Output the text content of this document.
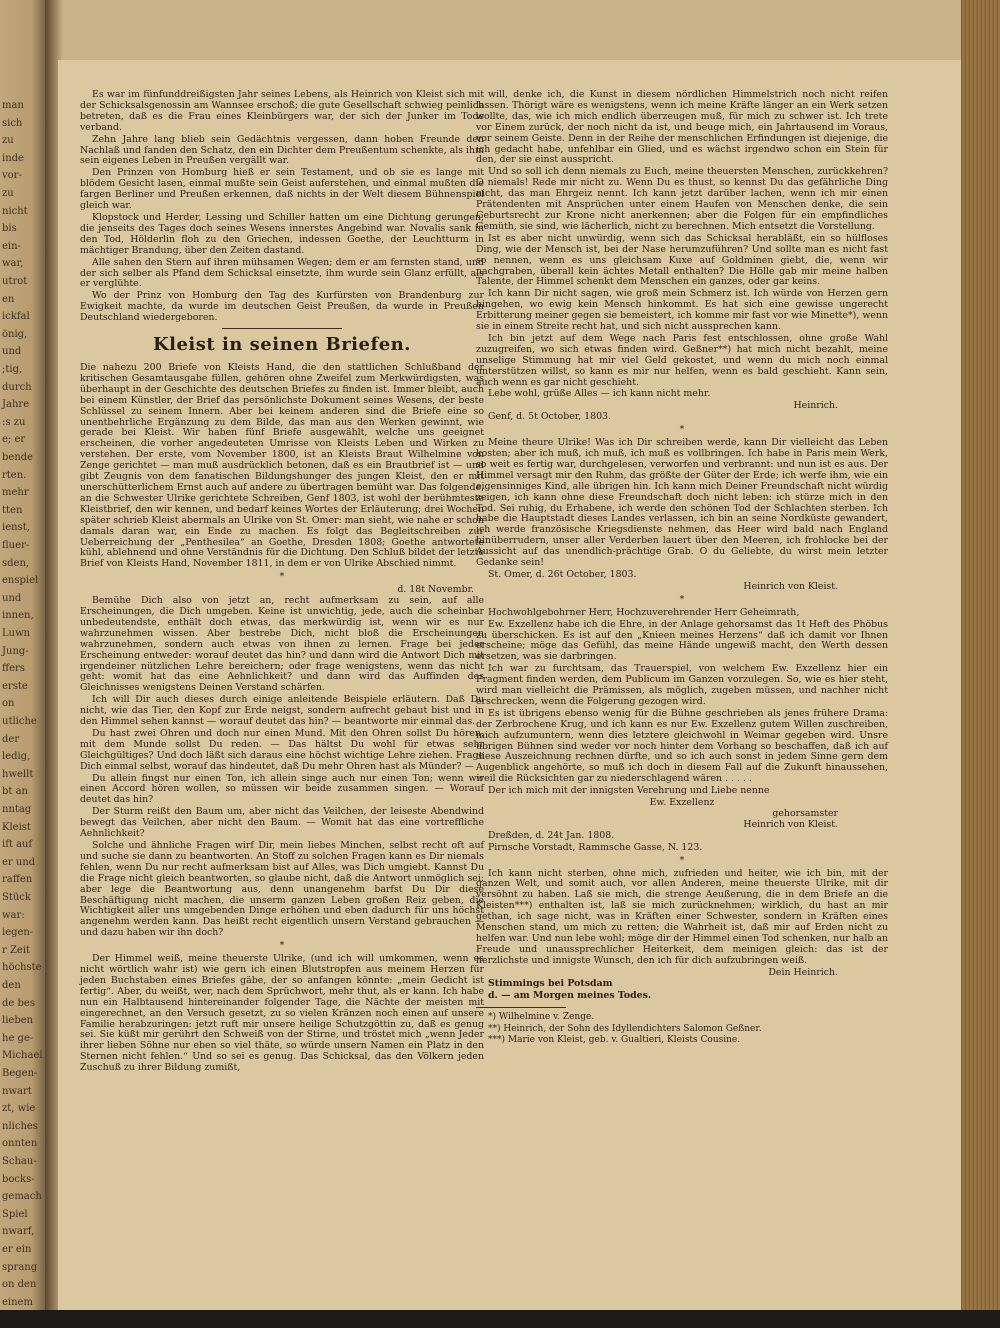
man
sich
zu
inde
vor-
zu
nicht
bis
ein-
war,
utrot
en
ickfal
önig,
und
;tig,
durch
Jahre
:s zu
e; er
bende
rten.
mehr
tten
ienst,
fluer-
sden,
enspiel
und
innen,
Luwn
Jung-
ffers
erste
on
utliche
der
ledig,
hwellt
bt an
nntag
Kleist
ift auf
er und
raffen
Stück
war:
iegen-
r Zeit
höchste
den
de bes
lieben
he ge-
Michael
Begen-
nwart
zt, wie
nliches
onnten
Schau-
bocks-
gemach
Spiel
nwarf,
er ein
sprang
on den
einem

Es war im fünfunddreißigsten Jahr seines Lebens, als Heinrich von Kleist sich mit der Schicksalsgenossin am Wannsee erschoß; die gute Gesellschaft schwieg peinlich betreten, daß es die Frau eines Kleinbürgers war, der sich der Junker im Tode verband.

Zehn Jahre lang blieb sein Gedächtnis vergessen, dann hoben Freunde den Nachlaß und fanden den Schatz, den ein Dichter dem Preußentum schenkte, als ihm sein eigenes Leben in Preußen vergällt war.

Den Prinzen von Homburg hieß er sein Testament, und ob sie es lange mit blödem Gesicht lasen, einmal mußte sein Geist auferstehen, und einmal mußten die fargen Berliner und Preußen erkennen, daß nichts in der Welt diesem Bühnenspiel gleich war.

Klopstock und Herder, Lessing und Schiller hatten um eine Dichtung gerungen, die jenseits des Tages doch seines Wesens innerstes Angebind war. Novalis sank in den Tod, Hölderlin floh zu den Griechen, indessen Goethe, der Leuchtturm in mächtiger Brandung, über den Zeiten dastand.

Alle sahen den Stern auf ihren mühsamen Wegen; dem er am fernsten stand, und der sich selber als Pfand dem Schicksal einsetzte, ihm wurde sein Glanz erfüllt, als er verglühte.

Wo der Prinz von Homburg den Tag des Kurfürsten von Brandenburg zur Ewigkeit machte, da wurde im deutschen Geist Preußen, da wurde in Preußen Deutschland wiedergeboren.

Kleist in seinen Briefen.

Die nahezu 200 Briefe von Kleists Hand, die den stattlichen Schlußband der kritischen Gesamtausgabe füllen, gehören ohne Zweifel zum Merkwürdigsten, was überhaupt in der Geschichte des deutschen Briefes zu finden ist. Immer bleibt, auch bei einem Künstler, der Brief das persönlichste Dokument seines Wesens, der beste Schlüssel zu seinem Innern. Aber bei keinem anderen sind die Briefe eine so unentbehrliche Ergänzung zu dem Bilde, das man aus den Werken gewinnt, wie gerade bei Kleist. Wir haben fünf Briefe ausgewählt, welche uns geeignet erscheinen, die vorher angedeuteten Umrisse von Kleists Leben und Wirken zu verstehen. Der erste, vom November 1800, ist an Kleists Braut Wilhelmine von Zenge gerichtet — man muß ausdrücklich betonen, daß es ein Brautbrief ist — und gibt Zeugnis von dem fanatischen Bildungshunger des jungen Kleist, den er mit unerschütterlichem Ernst auch auf andere zu übertragen bemüht war. Das folgende, an die Schwester Ulrike gerichtete Schreiben, Genf 1803, ist wohl der berühmteste Kleistbrief, den wir kennen, und bedarf keines Wortes der Erläuterung; drei Wochen später schrieb Kleist abermals an Ulrike von St. Omer: man sieht, wie nahe er schon damals daran war, ein Ende zu machen. Es folgt das Begleitschreiben zur Ueberreichung der „Penthesilea“ an Goethe, Dresden 1808; Goethe antwortete kühl, ablehnend und ohne Verständnis für die Dichtung. Den Schluß bildet der letzte Brief von Kleists Hand, November 1811, in dem er von Ulrike Abschied nimmt.

*
d. 18t Novembr.

Bemühe Dich also von jetzt an, recht aufmerksam zu sein, auf alle Erscheinungen, die Dich umgeben. Keine ist unwichtig, jede, auch die scheinbar unbedeutendste, enthält doch etwas, das merkwürdig ist, wenn wir es nur wahrzunehmen wissen. Aber bestrebe Dich, nicht bloß die Erscheinungen wahrzunehmen, sondern auch etwas von ihnen zu lernen. Frage bei jeder Erscheinung entweder: worauf deutet das hin? und dann wird die Antwort Dich mit irgendeiner nützlichen Lehre bereichern; oder frage wenigstens, wenn das nicht geht: womit hat das eine Aehnlichkeit? und dann wird das Auffinden des Gleichnisses wenigstens Deinen Verstand schärfen.

Ich will Dir auch dieses durch einige anleitende Beispiele erläutern. Daß Du nicht, wie das Tier, den Kopf zur Erde neigst, sondern aufrecht gebaut bist und in den Himmel sehen kannst — worauf deutet das hin? — beantworte mir einmal das.

Du hast zwei Ohren und doch nur einen Mund. Mit den Ohren sollst Du hören, mit dem Munde sollst Du reden. — Das hältst Du wohl für etwas sehr Gleichgültiges? Und doch läßt sich daraus eine höchst wichtige Lehre ziehen. Frage Dich einmal selbst, worauf das hindeutet, daß Du mehr Ohren hast als Münder? —

Du allein fingst nur einen Ton, ich allein singe auch nur einen Ton; wenn wir einen Accord hören wollen, so müssen wir beide zusammen singen. — Worauf deutet das hin?

Der Sturm reißt den Baum um, aber nicht das Veilchen, der leiseste Abendwind bewegt das Veilchen, aber nicht den Baum. — Womit hat das eine vortreffliche Aehnlichkeit?

Solche und ähnliche Fragen wirf Dir, mein liebes Minchen, selbst recht oft auf und suche sie dann zu beantworten. An Stoff zu solchen Fragen kann es Dir niemals fehlen, wenn Du nur recht aufmerksam bist auf Alles, was Dich umgiebt. Kannst Du die Frage nicht gleich beantworten, so glaube nicht, daß die Antwort unmöglich sei; aber lege die Beantwortung aus, denn unangenehm barfst Du Dir diese Beschäftigung nicht machen, die unserm ganzen Leben großen Reiz geben, die Wichtigkeit aller uns umgebenden Dinge erhöhen und eben dadurch für uns höchst angenehm werden kann. Das heißt recht eigentlich unsern Verstand gebrauchen — und dazu haben wir ihn doch?

*

Der Himmel weiß, meine theuerste Ulrike, (und ich will umkommen, wenn es nicht wörtlich wahr ist) wie gern ich einen Blutstropfen aus meinem Herzen für jeden Buchstaben eines Briefes gäbe, der so anfangen könnte: „mein Gedicht ist fertig“. Aber, du weißt, wer, nach dem Sprüchwort, mehr thut, als er kann. Ich habe nun ein Halbtausend hintereinander folgender Tage, die Nächte der meisten mit eingerechnet, an den Versuch gesetzt, zu so vielen Kränzen noch einen auf unsere Familie herabzuringen: jetzt ruft mir unsere heilige Schutzgöttin zu, daß es genug sei. Sie küßt mir gerührt den Schweiß von der Stirne, und tröstet mich „wenn Jeder ihrer lieben Söhne nur eben so viel thäte, so würde unsern Namen ein Platz in den Sternen nicht fehlen.“ Und so sei es genug. Das Schicksal, das den Völkern jeden Zuschuß zu ihrer Bildung zumißt,

will, denke ich, die Kunst in diesem nördlichen Himmelstrich noch nicht reifen lassen. Thörigt wäre es wenigstens, wenn ich meine Kräfte länger an ein Werk setzen wollte, das, wie ich mich endlich überzeugen muß, für mich zu schwer ist. Ich trete vor Einem zurück, der noch nicht da ist, und beuge mich, ein Jahrtausend im Voraus, vor seinem Geiste. Denn in der Reihe der menschlichen Erfindungen ist diejenige, die ich gedacht habe, unfehlbar ein Glied, und es wächst irgendwo schon ein Stein für den, der sie einst ausspricht.

Und so soll ich denn niemals zu Euch, meine theuersten Menschen, zurückkehren? O niemals! Rede mir nicht zu. Wenn Du es thust, so kennst Du das gefährliche Ding nicht, das man Ehrgeiz nennt. Ich kann jetzt darüber lachen, wenn ich mir einen Prätendenten mit Ansprüchen unter einem Haufen von Menschen denke, die sein Geburtsrecht zur Krone nicht anerkennen; aber die Folgen für ein empfindliches Gemüth, sie sind, wie lächerlich, nicht zu berechnen. Mich entsetzt die Vorstellung.

Ist es aber nicht unwürdig, wenn sich das Schicksal herabläßt, ein so hülfloses Ding, wie der Mensch ist, bei der Nase herumzuführen? Und sollte man es nicht fast so nennen, wenn es uns gleichsam Kuxe auf Goldminen giebt, die, wenn wir nachgraben, überall kein ächtes Metall enthalten? Die Hölle gab mir meine halben Talente, der Himmel schenkt dem Menschen ein ganzes, oder gar keins.

Ich kann Dir nicht sagen, wie groß mein Schmerz ist. Ich würde von Herzen gern hingehen, wo ewig kein Mensch hinkommt. Es hat sich eine gewisse ungerecht Erbitterung meiner gegen sie bemeistert, ich komme mir fast vor wie Minette*), wenn sie in einem Streite recht hat, und sich nicht aussprechen kann.

Ich bin jetzt auf dem Wege nach Paris fest entschlossen, ohne große Wahl zuzugreifen, wo sich etwas finden wird. Geßner**) hat mich nicht bezahlt, meine unselige Stimmung hat mir viel Geld gekostet, und wenn du mich noch einmal unterstützen willst, so kann es mir nur helfen, wenn es bald geschieht. Kann sein, auch wenn es gar nicht geschieht.

Lebe wohl, grüße Alles — ich kann nicht mehr.

Heinrich.

Genf, d. 5t October, 1803.

*

Meine theure Ulrike! Was ich Dir schreiben werde, kann Dir vielleicht das Leben kosten; aber ich muß, ich muß, ich muß es vollbringen. Ich habe in Paris mein Werk, so weit es fertig war, durchgelesen, verworfen und verbrannt: und nun ist es aus. Der Himmel versagt mir den Ruhm, das größte der Güter der Erde; ich werfe ihm, wie ein eigensinniges Kind, alle übrigen hin. Ich kann mich Deiner Freundschaft nicht würdig zeigen, ich kann ohne diese Freundschaft doch nicht leben: ich stürze mich in den Tod. Sei ruhig, du Erhabene, ich werde den schönen Tod der Schlachten sterben. Ich habe die Hauptstadt dieses Landes verlassen, ich bin an seine Nordküste gewandert, ich werde französische Kriegsdienste nehmen, das Heer wird bald nach England hinüberrudern, unser aller Verderben lauert über den Meeren, ich frohlocke bei der Aussicht auf das unendlich-prächtige Grab. O du Geliebte, du wirst mein letzter Gedanke sein!

St. Omer, d. 26t October, 1803.

Heinrich von Kleist.
*

Hochwohlgebohrner Herr, Hochzuverehrender Herr Geheimrath,

Ew. Exzellenz habe ich die Ehre, in der Anlage gehorsamst das 1t Heft des Phöbus zu überschicken. Es ist auf den „Knieen meines Herzens“ daß ich damit vor Ihnen erscheine; möge das Gefühl, das meine Hände ungewiß macht, den Werth dessen ersetzen, was sie darbringen.

Ich war zu furchtsam, das Trauerspiel, von welchem Ew. Exzellenz hier ein Fragment finden werden, dem Publicum im Ganzen vorzulegen. So, wie es hier steht, wird man vielleicht die Prämissen, als möglich, zugeben müssen, und nachher nicht erschrecken, wenn die Folgerung gezogen wird.

Es ist übrigens ebenso wenig für die Bühne geschrieben als jenes frühere Drama: der Zerbrochene Krug, und ich kann es nur Ew. Exzellenz gutem Willen zuschreiben, mich aufzumuntern, wenn dies letztere gleichwohl in Weimar gegeben wird. Unsre übrigen Bühnen sind weder vor noch hinter dem Vorhang so beschaffen, daß ich auf diese Auszeichnung rechnen dürfte, und so ich auch sonst in jedem Sinne gern dem Augenblick angehörte, so muß ich doch in diesem Fall auf die Zukunft hinaussehen, weil die Rücksichten gar zu niederschlagend wären . . . . .

Der ich mich mit der innigsten Verehrung und Liebe nenne

Ew. Exzellenz
gehorsamster
Heinrich von Kleist.

Dreßden, d. 24t Jan. 1808.

Pirnsche Vorstadt, Rammsche Gasse, N. 123.

*

Ich kann nicht sterben, ohne mich, zufrieden und heiter, wie ich bin, mit der ganzen Welt, und somit auch, vor allen Anderen, meine theuerste Ulrike, mit dir versöhnt zu haben. Laß sie mich, die strenge Aeußerung, die in dem Briefe an die Kleisten***) enthalten ist, laß sie mich zurücknehmen; wirklich, du hast an mir gethan, ich sage nicht, was in Kräften einer Schwester, sondern in Kräften eines Menschen stand, um mich zu retten; die Wahrheit ist, daß mir auf Erden nicht zu helfen war. Und nun lebe wohl; möge dir der Himmel einen Tod schenken, nur halb an Freude und unaussprechlicher Heiterkeit, dem meinigen gleich: das ist der herzlichste und innigste Wunsch, den ich für dich aufzubringen weiß.

Dein Heinrich.

Stimmings bei Potsdam

d. — am Morgen meines Todes.

*) Wilhelmine v. Zenge.

**) Heinrich, der Sohn des Idyllendichters Salomon Geßner.

***) Marie von Kleist, geb. v. Gualtieri, Kleists Cousine.
